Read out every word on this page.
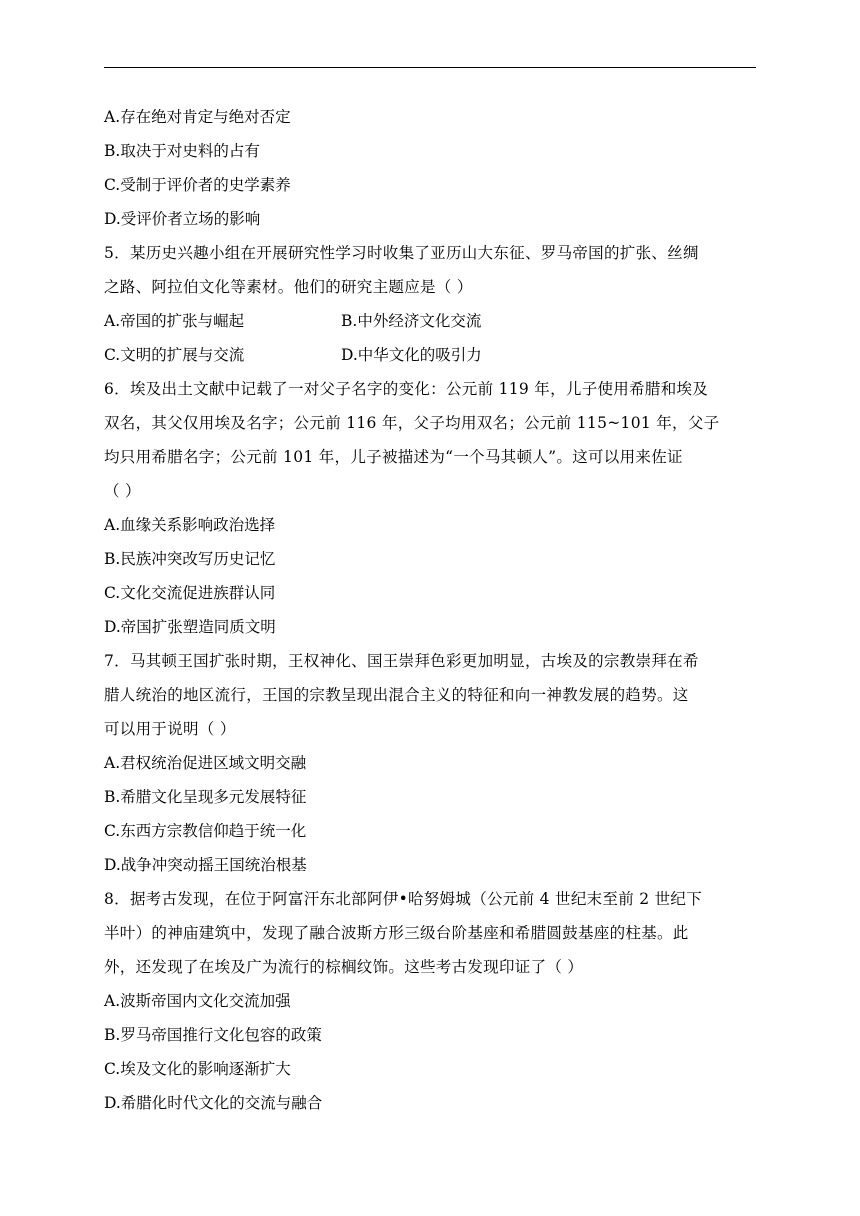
A.存在绝对肯定与绝对否定
B.取决于对史料的占有
C.受制于评价者的史学素养
D.受评价者立场的影响
5．某历史兴趣小组在开展研究性学习时收集了亚历山大东征、罗马帝国的扩张、丝绸
之路、阿拉伯文化等素材。他们的研究主题应是（ ）
A.帝国的扩张与崛起	B.中外经济文化交流
C.文明的扩展与交流	D.中华文化的吸引力
6．埃及出土文献中记载了一对父子名字的变化：公元前 119 年，儿子使用希腊和埃及
双名，其父仅用埃及名字；公元前 116 年，父子均用双名；公元前 115~101 年，父子
均只用希腊名字；公元前 101 年，儿子被描述为“一个马其顿人”。这可以用来佐证
（ ）
A.血缘关系影响政治选择
B.民族冲突改写历史记忆
C.文化交流促进族群认同
D.帝国扩张塑造同质文明
7．马其顿王国扩张时期，王权神化、国王崇拜色彩更加明显，古埃及的宗教崇拜在希
腊人统治的地区流行，王国的宗教呈现出混合主义的特征和向一神教发展的趋势。这
可以用于说明（ ）
A.君权统治促进区域文明交融
B.希腊文化呈现多元发展特征
C.东西方宗教信仰趋于统一化
D.战争冲突动摇王国统治根基
8．据考古发现，在位于阿富汗东北部阿伊•哈努姆城（公元前 4 世纪末至前 2 世纪下
半叶）的神庙建筑中，发现了融合波斯方形三级台阶基座和希腊圆鼓基座的柱基。此
外，还发现了在埃及广为流行的棕榈纹饰。这些考古发现印证了（ ）
A.波斯帝国内文化交流加强
B.罗马帝国推行文化包容的政策
C.埃及文化的影响逐渐扩大
D.希腊化时代文化的交流与融合
